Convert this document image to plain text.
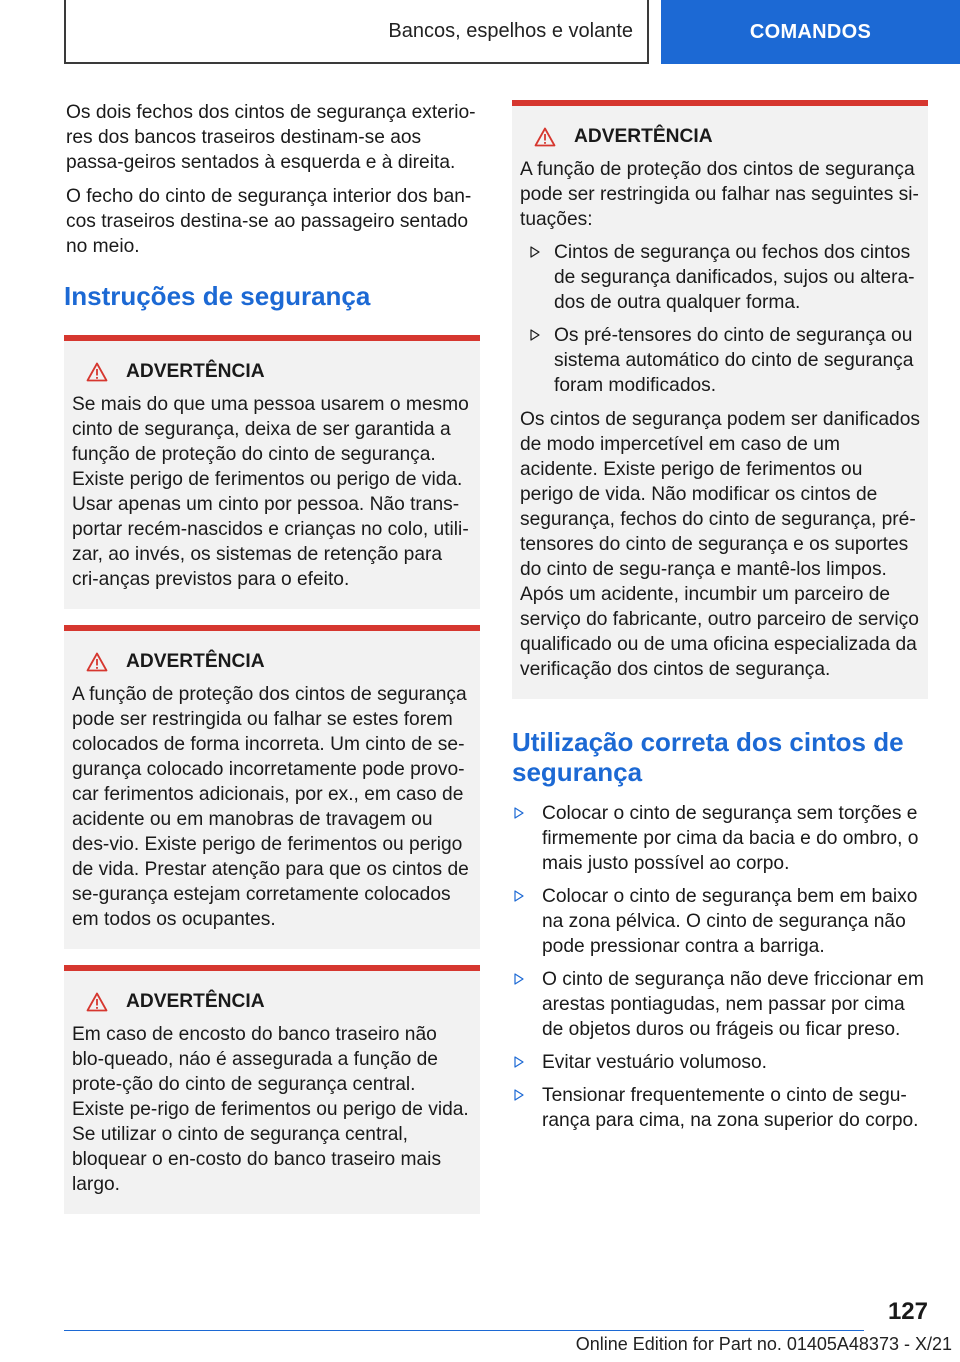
Bancos, espelhos e volante	COMANDOS

Os dois fechos dos cintos de segurança exterio-res dos bancos traseiros destinam-se aos passa-geiros sentados à esquerda e à direita.

O fecho do cinto de segurança interior dos ban-cos traseiros destina-se ao passageiro sentado no meio.

Instruções de segurança
ADVERTÊNCIA

Se mais do que uma pessoa usarem o mesmo cinto de segurança, deixa de ser garantida a função de proteção do cinto de segurança. Existe perigo de ferimentos ou perigo de vida. Usar apenas um cinto por pessoa. Não trans-portar recém-nascidos e crianças no colo, utili-zar, ao invés, os sistemas de retenção para cri-anças previstos para o efeito.

ADVERTÊNCIA

A função de proteção dos cintos de segurança pode ser restringida ou falhar se estes forem colocados de forma incorreta. Um cinto de se-gurança colocado incorretamente pode provo-car ferimentos adicionais, por ex., em caso de acidente ou em manobras de travagem ou des-vio. Existe perigo de ferimentos ou perigo de vida. Prestar atenção para que os cintos de se-gurança estejam corretamente colocados em todos os ocupantes.

ADVERTÊNCIA

Em caso de encosto do banco traseiro não blo-queado, náo é assegurada a função de prote-ção do cinto de segurança central. Existe pe-rigo de ferimentos ou perigo de vida. Se utilizar o cinto de segurança central, bloquear o en-costo do banco traseiro mais largo.

ADVERTÊNCIA

A função de proteção dos cintos de segurança pode ser restringida ou falhar nas seguintes si-tuações:

Cintos de segurança ou fechos dos cintos de segurança danificados, sujos ou altera-dos de outra qualquer forma.
Os pré-tensores do cinto de segurança ou sistema automático do cinto de segurança foram modificados.

Os cintos de segurança podem ser danificados de modo impercetível em caso de um acidente. Existe perigo de ferimentos ou perigo de vida. Não modificar os cintos de segurança, fechos do cinto de segurança, pré-tensores do cinto de segurança e os suportes do cinto de segu-rança e mantê-los limpos. Após um acidente, incumbir um parceiro de serviço do fabricante, outro parceiro de serviço qualificado ou de uma oficina especializada da verificação dos cintos de segurança.

Utilização correta dos cintos de segurança
Colocar o cinto de segurança sem torções e firmemente por cima da bacia e do ombro, o mais justo possível ao corpo.
Colocar o cinto de segurança bem em baixo na zona pélvica. O cinto de segurança não pode pressionar contra a barriga.
O cinto de segurança não deve friccionar em arestas pontiagudas, nem passar por cima de objetos duros ou frágeis ou ficar preso.
Evitar vestuário volumoso.
Tensionar frequentemente o cinto de segu-rança para cima, na zona superior do corpo.
127
Online Edition for Part no. 01405A48373 - X/21
